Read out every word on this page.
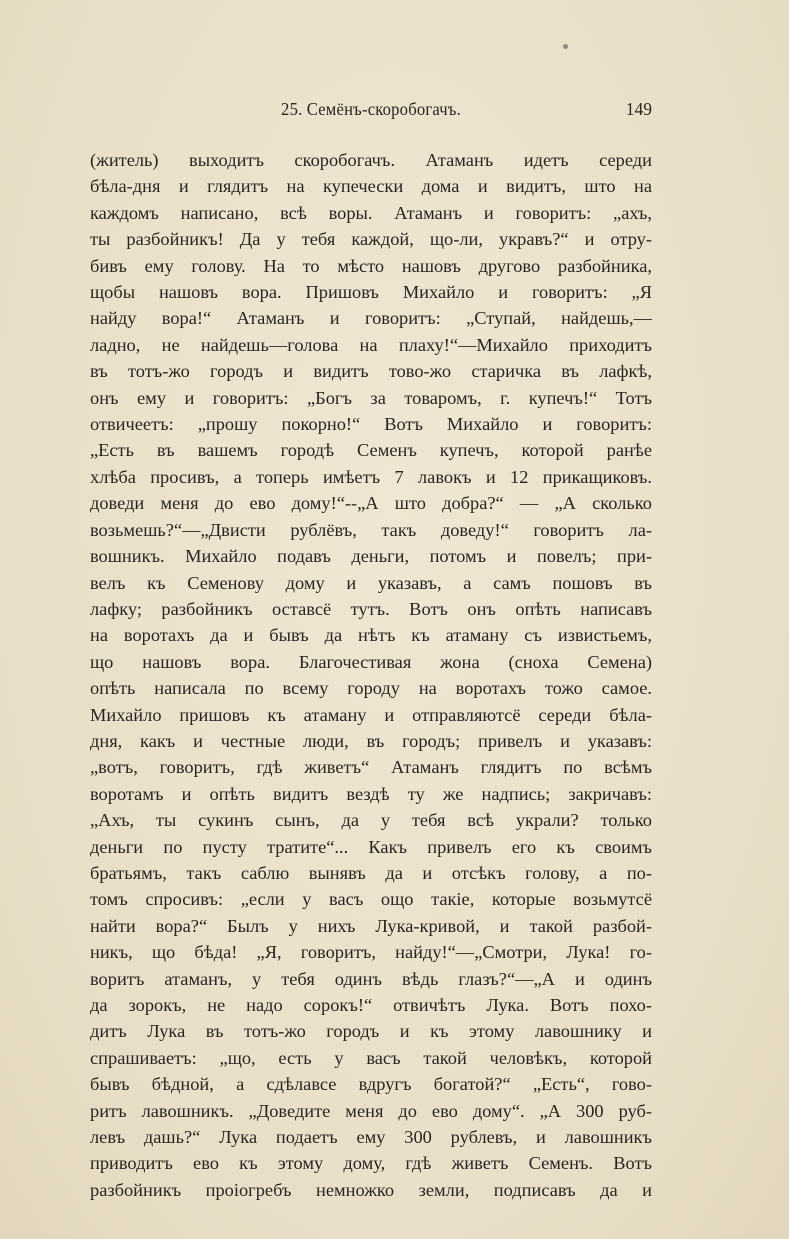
25. Семёнъ-скоробогачъ.	149
(житель) выходитъ скоробогачъ. Атаманъ идетъ середи
бѣла-дня и глядитъ на купечески дома и видитъ, што на
каждомъ написано, всѣ воры. Атаманъ и говоритъ: „ахъ,
ты разбойникъ! Да у тебя каждой, що-ли, укравъ?“ и отру-
бивъ ему голову. На то мѣсто нашовъ другово разбойника,
щобы нашовъ вора. Пришовъ Михайло и говоритъ: „Я
найду вора!“ Атаманъ и говоритъ: „Ступай, найдешь,—
ладно, не найдешь—голова на плаху!“—Михайло приходитъ
въ тотъ-жо городъ и видитъ тово-жо старичка въ лафкѣ,
онъ ему и говоритъ: „Богъ за товаромъ, г. купечъ!“ Тотъ
отвичеетъ: „прошу покорно!“ Вотъ Михайло и говоритъ:
„Есть въ вашемъ городѣ Семенъ купечъ, которой ранѣе
хлѣба просивъ, а топерь имѣетъ 7 лавокъ и 12 прикащиковъ.
доведи меня до ево дому!“--„А што добра?“ — „А сколько
возьмешь?“—„Двисти рублёвъ, такъ доведу!“ говоритъ ла-
вошникъ. Михайло подавъ деньги, потомъ и повелъ; при-
велъ къ Семенову дому и указавъ, а самъ пошовъ въ
лафку; разбойникъ оставсё тутъ. Вотъ онъ опѣть написавъ
на воротахъ да и бывъ да нѣтъ къ атаману съ извистьемъ,
що нашовъ вора. Благочестивая жона (сноха Семена)
опѣть написала по всему городу на воротахъ тожо самое.
Михайло пришовъ къ атаману и отправляютсё середи бѣла-
дня, какъ и честные люди, въ городъ; привелъ и указавъ:
„вотъ, говоритъ, гдѣ живетъ“ Атаманъ глядитъ по всѣмъ
воротамъ и опѣть видитъ вездѣ ту же надпись; закричавъ:
„Ахъ, ты сукинъ сынъ, да у тебя всѣ украли? только
деньги по пусту тратите“... Какъ привелъ его къ своимъ
братьямъ, такъ саблю вынявъ да и отсѣкъ голову, а по-
томъ спросивъ: „если у васъ ощо такіе, которые возьмутсё
найти вора?“ Былъ у нихъ Лука-кривой, и такой разбой-
никъ, що бѣда! „Я, говоритъ, найду!“—„Смотри, Лука! го-
воритъ атаманъ, у тебя одинъ вѣдь глазъ?“—„А и одинъ
да зорокъ, не надо сорокъ!“ отвичѣтъ Лука. Вотъ похо-
дитъ Лука въ тотъ-жо городъ и къ этому лавошнику и
спрашиваетъ: „що, есть у васъ такой человѣкъ, которой
бывъ бѣдной, а сдѣлавсе вдругъ богатой?“ „Есть“, гово-
ритъ лавошникъ. „Доведите меня до ево дому“. „А 300 руб-
левъ дашь?“ Лука подаетъ ему 300 рублевъ, и лавошникъ
приводитъ ево къ этому дому, гдѣ живетъ Семенъ. Вотъ
разбойникъ проіогребъ немножко земли, подписавъ да и
